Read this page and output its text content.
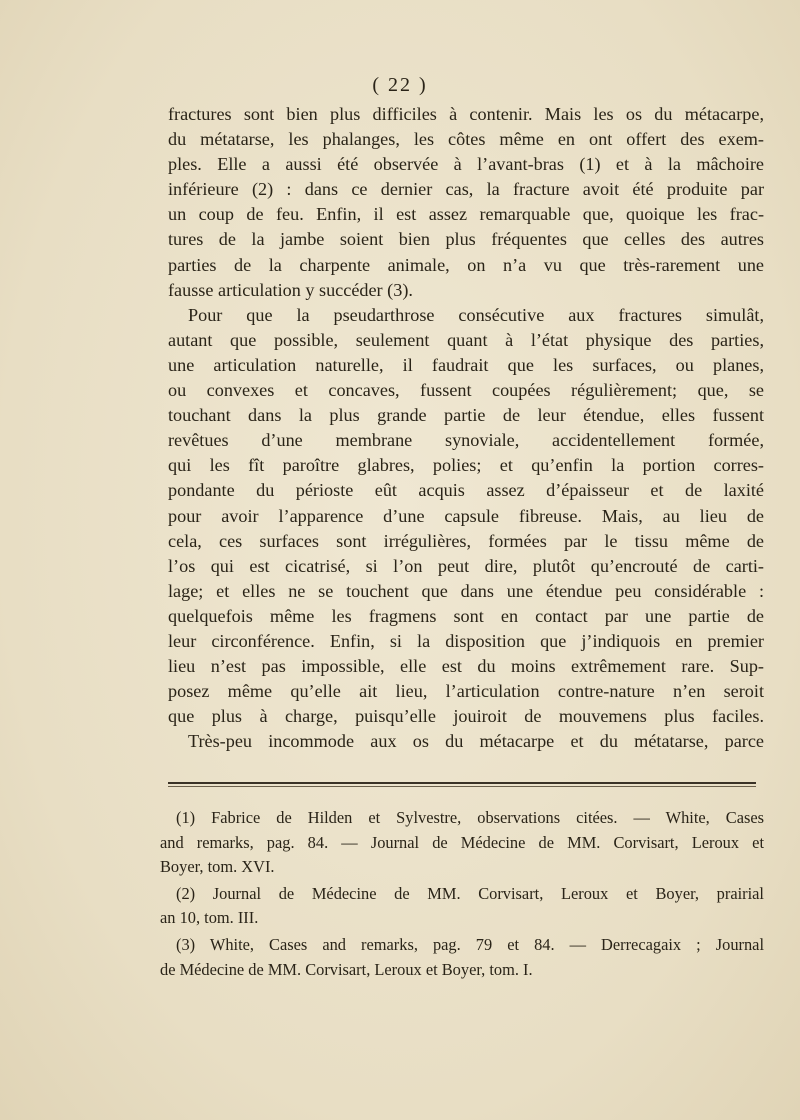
( 22 )
fractures sont bien plus difficiles à contenir. Mais les os du métacarpe,
du métatarse, les phalanges, les côtes même en ont offert des exem-
ples. Elle a aussi été observée à l’avant-bras (1) et à la mâchoire
inférieure (2) : dans ce dernier cas, la fracture avoit été produite par
un coup de feu. Enfin, il est assez remarquable que, quoique les frac-
tures de la jambe soient bien plus fréquentes que celles des autres
parties de la charpente animale, on n’a vu que très-rarement une
fausse articulation y succéder (3).
Pour que la pseudarthrose consécutive aux fractures simulât,
autant que possible, seulement quant à l’état physique des parties,
une articulation naturelle, il faudrait que les surfaces, ou planes,
ou convexes et concaves, fussent coupées régulièrement; que, se
touchant dans la plus grande partie de leur étendue, elles fussent
revêtues d’une membrane synoviale, accidentellement formée,
qui les fît paroître glabres, polies; et qu’enfin la portion corres-
pondante du périoste eût acquis assez d’épaisseur et de laxité
pour avoir l’apparence d’une capsule fibreuse. Mais, au lieu de
cela, ces surfaces sont irrégulières, formées par le tissu même de
l’os qui est cicatrisé, si l’on peut dire, plutôt qu’encrouté de carti-
lage; et elles ne se touchent que dans une étendue peu considérable :
quelquefois même les fragmens sont en contact par une partie de
leur circonférence. Enfin, si la disposition que j’indiquois en premier
lieu n’est pas impossible, elle est du moins extrêmement rare. Sup-
posez même qu’elle ait lieu, l’articulation contre-nature n’en seroit
que plus à charge, puisqu’elle jouiroit de mouvemens plus faciles.
Très-peu incommode aux os du métacarpe et du métatarse, parce
(1) Fabrice de Hilden et Sylvestre, observations citées. — White, Cases
and remarks, pag. 84. — Journal de Médecine de MM. Corvisart, Leroux et
Boyer, tom. XVI.
(2) Journal de Médecine de MM. Corvisart, Leroux et Boyer, prairial
an 10, tom. III.
(3) White, Cases and remarks, pag. 79 et 84. — Derrecagaix ; Journal
de Médecine de MM. Corvisart, Leroux et Boyer, tom. I.
